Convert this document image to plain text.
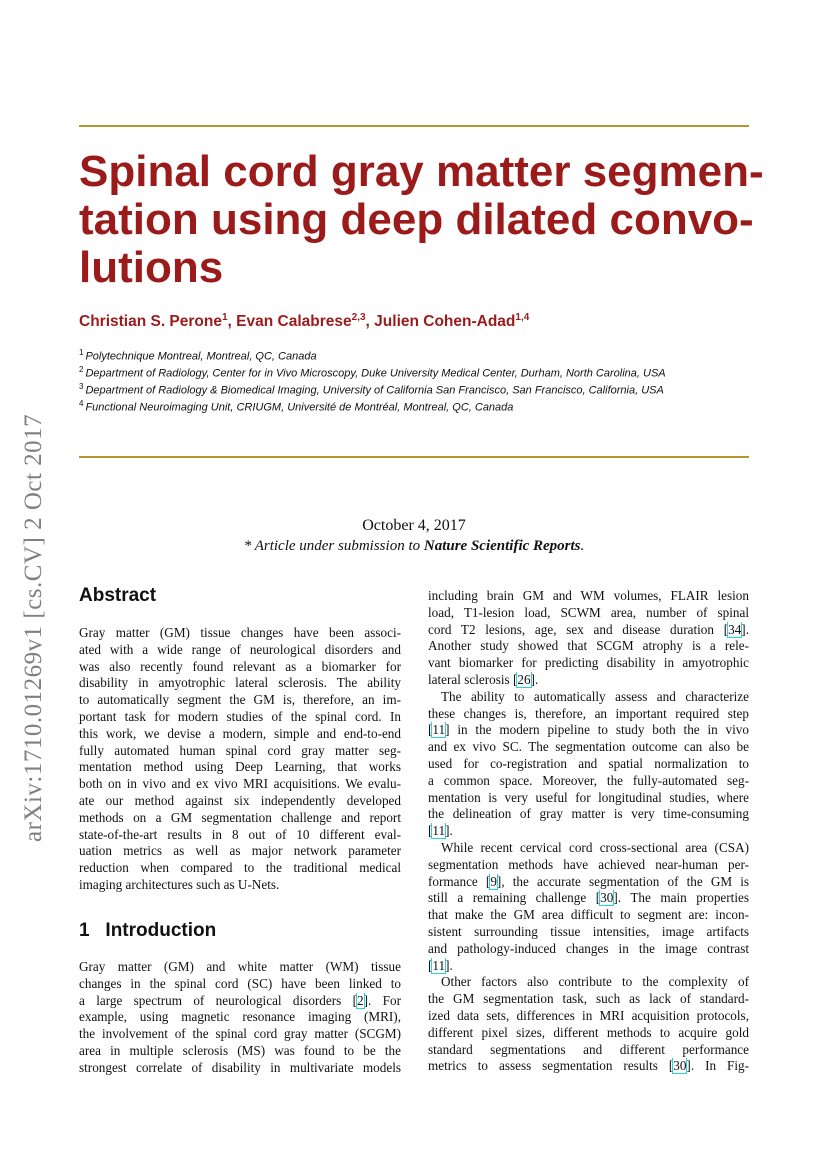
arXiv:1710.01269v1 [cs.CV] 2 Oct 2017
Spinal cord gray matter segmen-
tation using deep dilated convo-
lutions
Christian S. Perone$^1$, Evan Calabrese$^{2,3}$, Julien Cohen-Adad$^{1,4}$
$^1$ Polytechnique Montreal, Montreal, QC, Canada
$^2$ Department of Radiology, Center for in Vivo Microscopy, Duke University Medical Center, Durham, North Carolina, USA
$^3$ Department of Radiology & Biomedical Imaging, University of California San Francisco, San Francisco, California, USA
$^4$ Functional Neuroimaging Unit, CRIUGM, Université de Montréal, Montreal, QC, Canada
October 4, 2017
* Article under submission to Nature Scientific Reports.
Abstract
Gray matter (GM) tissue changes have been associ-
ated with a wide range of neurological disorders and
was also recently found relevant as a biomarker for
disability in amyotrophic lateral sclerosis. The ability
to automatically segment the GM is, therefore, an im-
portant task for modern studies of the spinal cord. In
this work, we devise a modern, simple and end-to-end
fully automated human spinal cord gray matter seg-
mentation method using Deep Learning, that works
both on in vivo and ex vivo MRI acquisitions. We evalu-
ate our method against six independently developed
methods on a GM segmentation challenge and report
state-of-the-art results in 8 out of 10 different eval-
uation metrics as well as major network parameter
reduction when compared to the traditional medical
imaging architectures such as U-Nets.
1 Introduction
Gray matter (GM) and white matter (WM) tissue
changes in the spinal cord (SC) have been linked to
a large spectrum of neurological disorders [2]. For
example, using magnetic resonance imaging (MRI),
the involvement of the spinal cord gray matter (SCGM)
area in multiple sclerosis (MS) was found to be the
strongest correlate of disability in multivariate models
including brain GM and WM volumes, FLAIR lesion
load, T1-lesion load, SCWM area, number of spinal
cord T2 lesions, age, sex and disease duration [34].
Another study showed that SCGM atrophy is a rele-
vant biomarker for predicting disability in amyotrophic
lateral sclerosis [26].
The ability to automatically assess and characterize
these changes is, therefore, an important required step
[11] in the modern pipeline to study both the in vivo
and ex vivo SC. The segmentation outcome can also be
used for co-registration and spatial normalization to
a common space. Moreover, the fully-automated seg-
mentation is very useful for longitudinal studies, where
the delineation of gray matter is very time-consuming
[11].
While recent cervical cord cross-sectional area (CSA)
segmentation methods have achieved near-human per-
formance [9], the accurate segmentation of the GM is
still a remaining challenge [30]. The main properties
that make the GM area difficult to segment are: incon-
sistent surrounding tissue intensities, image artifacts
and pathology-induced changes in the image contrast
[11].
Other factors also contribute to the complexity of
the GM segmentation task, such as lack of standard-
ized data sets, differences in MRI acquisition protocols,
different pixel sizes, different methods to acquire gold
standard segmentations and different performance
metrics to assess segmentation results [30]. In Fig-
